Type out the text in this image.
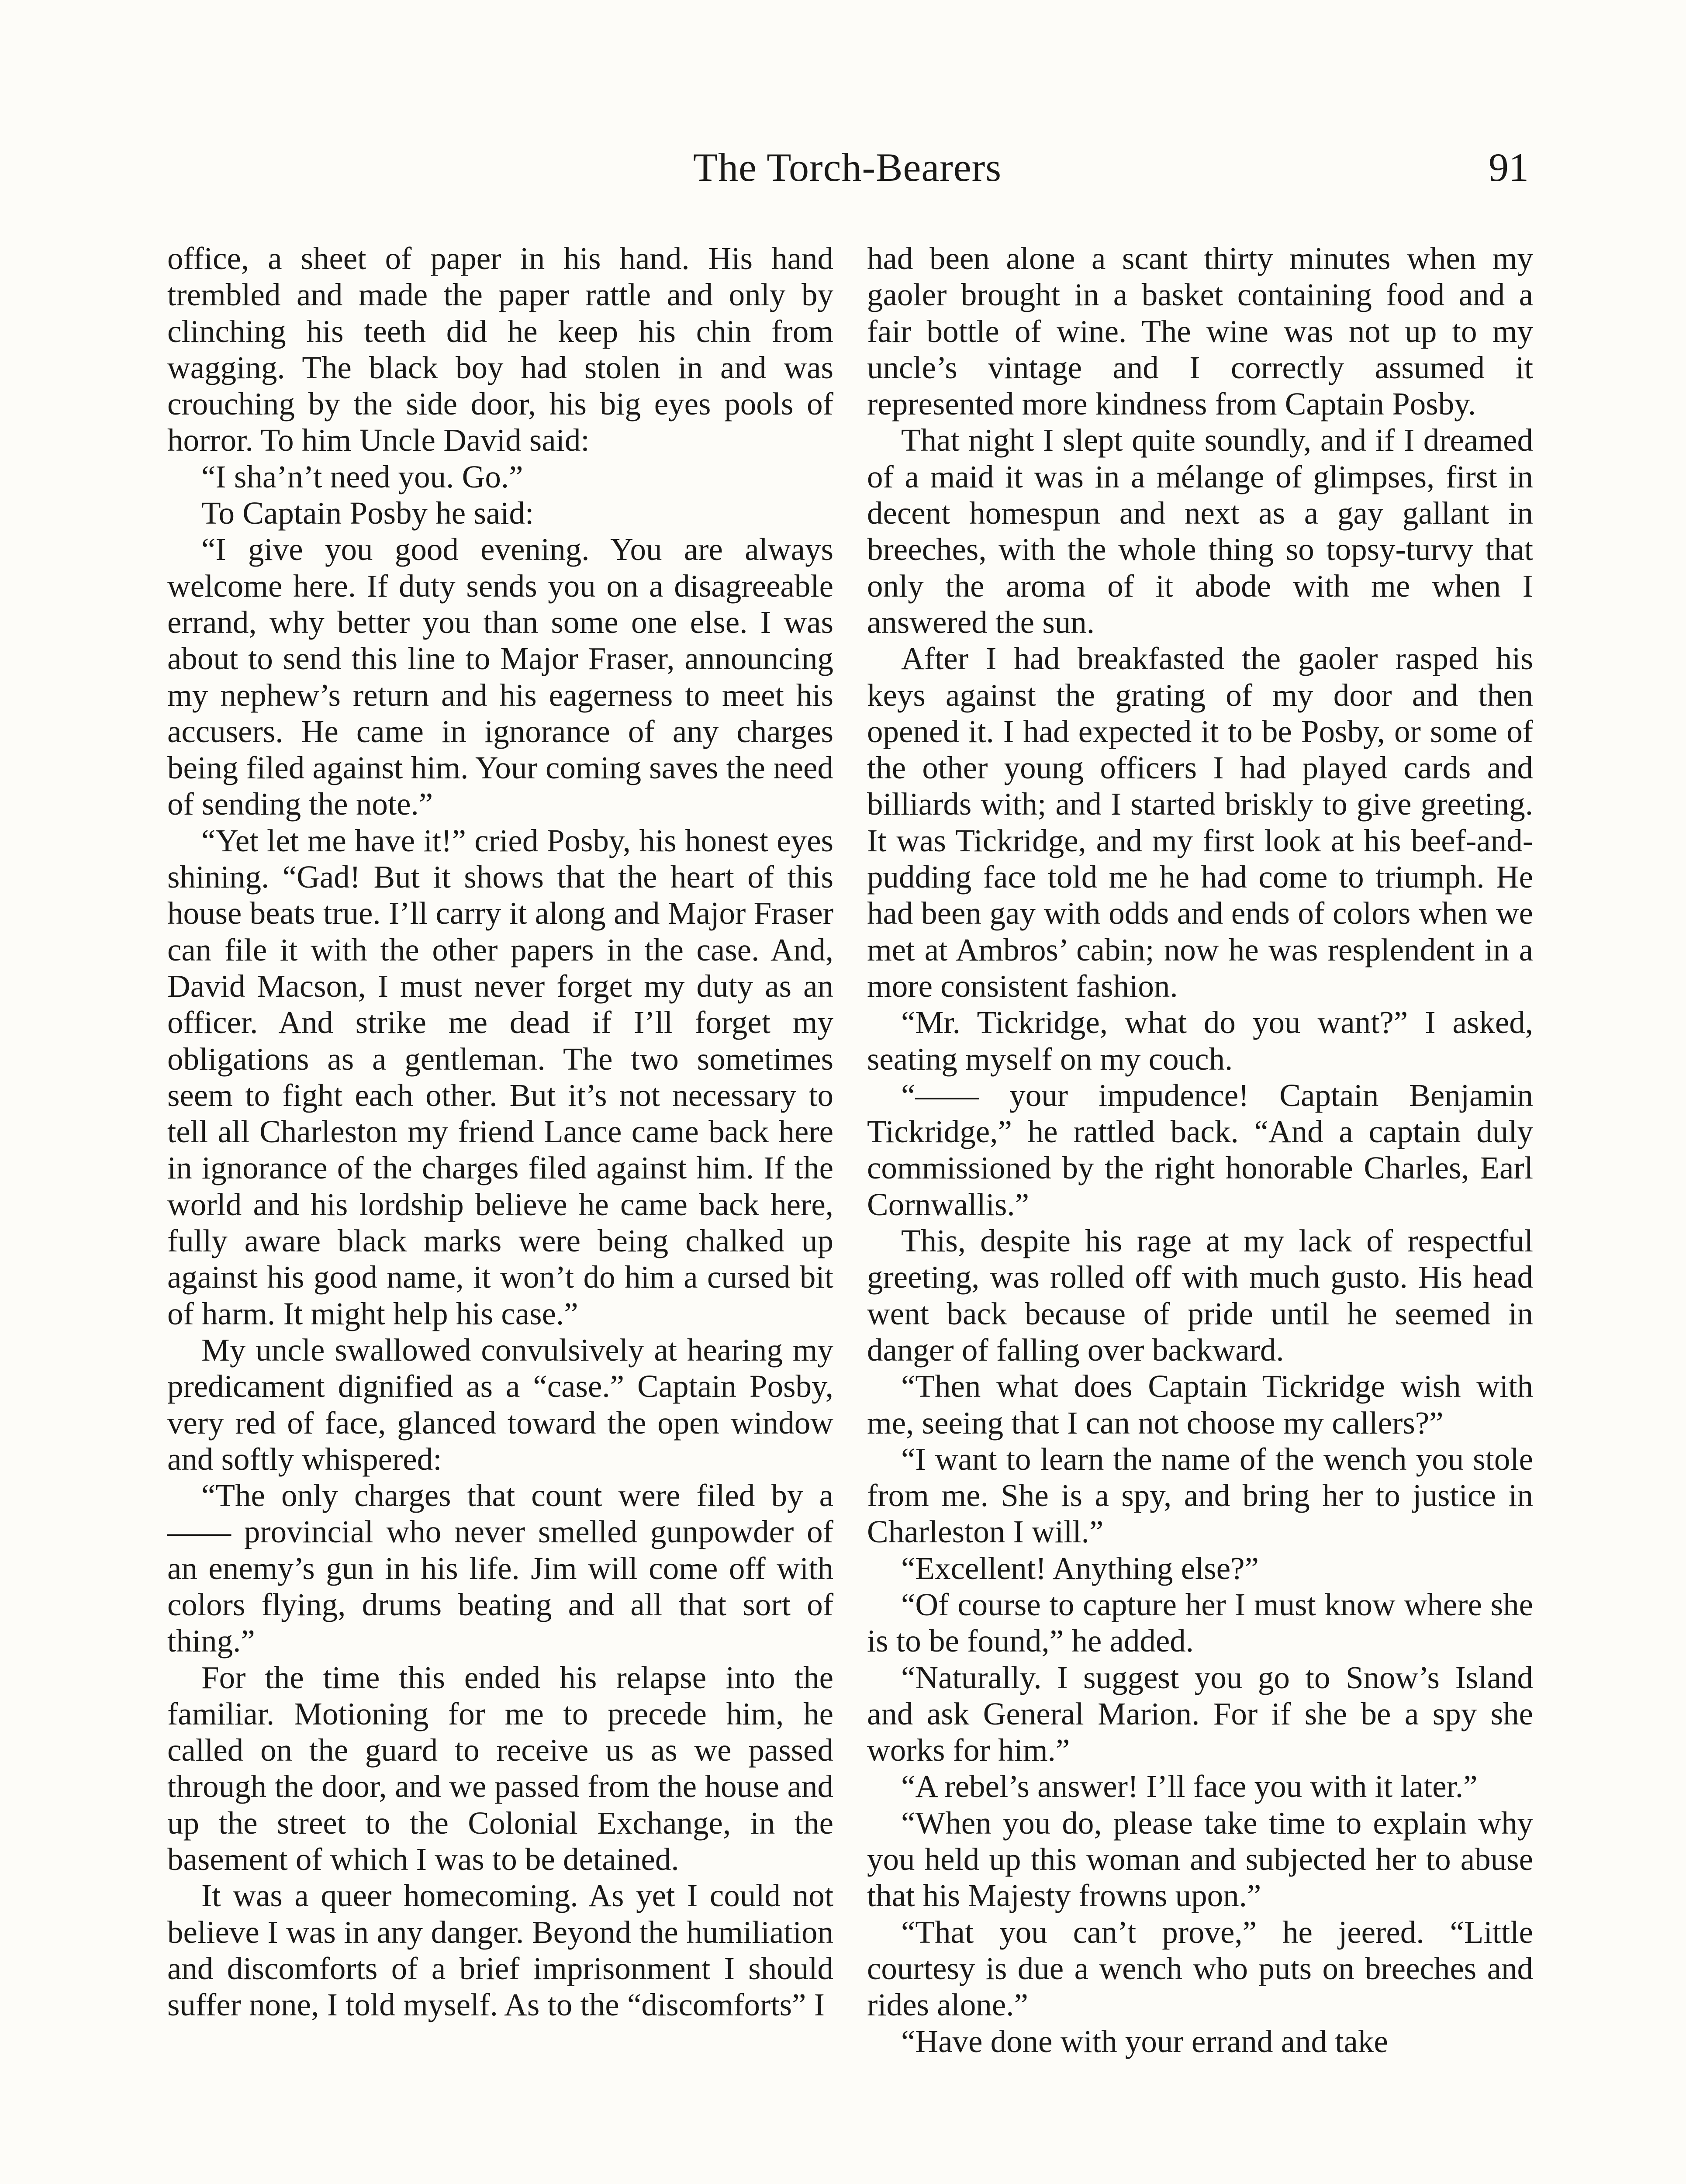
The Torch-Bearers	91

office, a sheet of paper in his hand. His hand trembled and made the paper rattle and only by clinching his teeth did he keep his chin from wagging. The black boy had stolen in and was crouching by the side door, his big eyes pools of horror. To him Uncle David said:

“I sha’n’t need you. Go.”

To Captain Posby he said:

“I give you good evening. You are always welcome here. If duty sends you on a disagreeable errand, why better you than some one else. I was about to send this line to Major Fraser, announcing my nephew’s return and his eagerness to meet his accusers. He came in ignorance of any charges being filed against him. Your coming saves the need of sending the note.”

“Yet let me have it!” cried Posby, his honest eyes shining. “Gad! But it shows that the heart of this house beats true. I’ll carry it along and Major Fraser can file it with the other papers in the case. And, David Macson, I must never forget my duty as an officer. And strike me dead if I’ll forget my obligations as a gentleman. The two sometimes seem to fight each other. But it’s not necessary to tell all Charleston my friend Lance came back here in ignorance of the charges filed against him. If the world and his lordship believe he came back here, fully aware black marks were being chalked up against his good name, it won’t do him a cursed bit of harm. It might help his case.”

My uncle swallowed convulsively at hearing my predicament dignified as a “case.” Captain Posby, very red of face, glanced toward the open window and softly whispered:

“The only charges that count were filed by a —— provincial who never smelled gunpowder of an enemy’s gun in his life. Jim will come off with colors flying, drums beating and all that sort of thing.”

For the time this ended his relapse into the familiar. Motioning for me to precede him, he called on the guard to receive us as we passed through the door, and we passed from the house and up the street to the Colonial Exchange, in the basement of which I was to be detained.

It was a queer homecoming. As yet I could not believe I was in any danger. Beyond the humiliation and discomforts of a brief imprisonment I should suffer none, I told myself. As to the “discomforts” I

had been alone a scant thirty minutes when my gaoler brought in a basket containing food and a fair bottle of wine. The wine was not up to my uncle’s vintage and I correctly assumed it represented more kindness from Captain Posby.

That night I slept quite soundly, and if I dreamed of a maid it was in a mélange of glimpses, first in decent homespun and next as a gay gallant in breeches, with the whole thing so topsy-turvy that only the aroma of it abode with me when I answered the sun.

After I had breakfasted the gaoler rasped his keys against the grating of my door and then opened it. I had expected it to be Posby, or some of the other young officers I had played cards and billiards with; and I started briskly to give greeting. It was Tickridge, and my first look at his beef-and-pudding face told me he had come to triumph. He had been gay with odds and ends of colors when we met at Ambros’ cabin; now he was resplendent in a more consistent fashion.

“Mr. Tickridge, what do you want?” I asked, seating myself on my couch.

“—— your impudence! Captain Benjamin Tickridge,” he rattled back. “And a captain duly commissioned by the right honorable Charles, Earl Cornwallis.”

This, despite his rage at my lack of respectful greeting, was rolled off with much gusto. His head went back because of pride until he seemed in danger of falling over backward.

“Then what does Captain Tickridge wish with me, seeing that I can not choose my callers?”

“I want to learn the name of the wench you stole from me. She is a spy, and bring her to justice in Charleston I will.”

“Excellent! Anything else?”

“Of course to capture her I must know where she is to be found,” he added.

“Naturally. I suggest you go to Snow’s Island and ask General Marion. For if she be a spy she works for him.”

“A rebel’s answer! I’ll face you with it later.”

“When you do, please take time to explain why you held up this woman and subjected her to abuse that his Majesty frowns upon.”

“That you can’t prove,” he jeered. “Little courtesy is due a wench who puts on breeches and rides alone.”

“Have done with your errand and take
